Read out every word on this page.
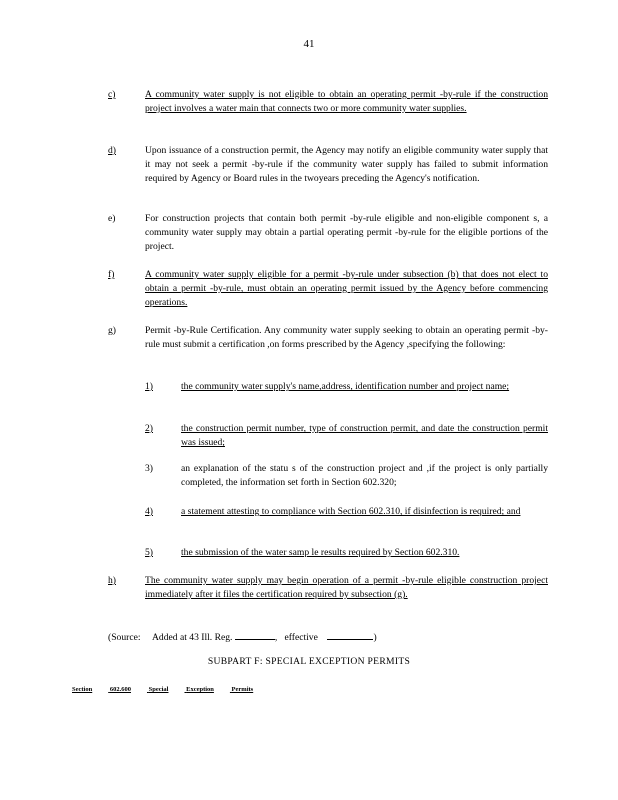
41
c)	A community water supply is not eligible to obtain an operating permit -by-rule if the construction project involves a water main that connects two or more community water supplies.
d)	Upon issuance of a construction permit, the Agency may notify an eligible community water supply that it may not seek a permit -by-rule if the community water supply has failed to submit information required by Agency or Board rules in the twoyears preceding the Agency's notification.
e)	For construction projects that contain both permit -by-rule eligible and non-eligible component s, a community water supply may obtain a partial operating permit -by-rule for the eligible portions of the project.
f)	A community water supply eligible for a permit -by-rule under subsection (b) that does not elect to obtain a permit -by-rule, must obtain an operating permit issued by the Agency before commencing operations.
g)	Permit -by-Rule Certification. Any community water supply seeking to obtain an operating permit -by-rule must submit a certification ,on forms prescribed by the Agency ,specifying the following:
1)	the community water supply's name,address, identification number and project name;
2)	the construction permit number, type of construction permit, and date the construction permit was issued;
3)	an explanation of the statu s of the construction project and ,if the project is only partially completed, the information set forth in Section 602.320;
4)	a statement attesting to compliance with Section 602.310, if disinfection is required; and
5)	the submission of the water samp le results required by Section 602.310.
h)	The community water supply may begin operation of a permit -by-rule eligible construction project immediately after it files the certification required by subsection (g).
(Source: Added at 43 Ill. Reg.	, effective	)
SUBPART F: SPECIAL EXCEPTION PERMITS
Section	602.600	Special	Exception	Permits
